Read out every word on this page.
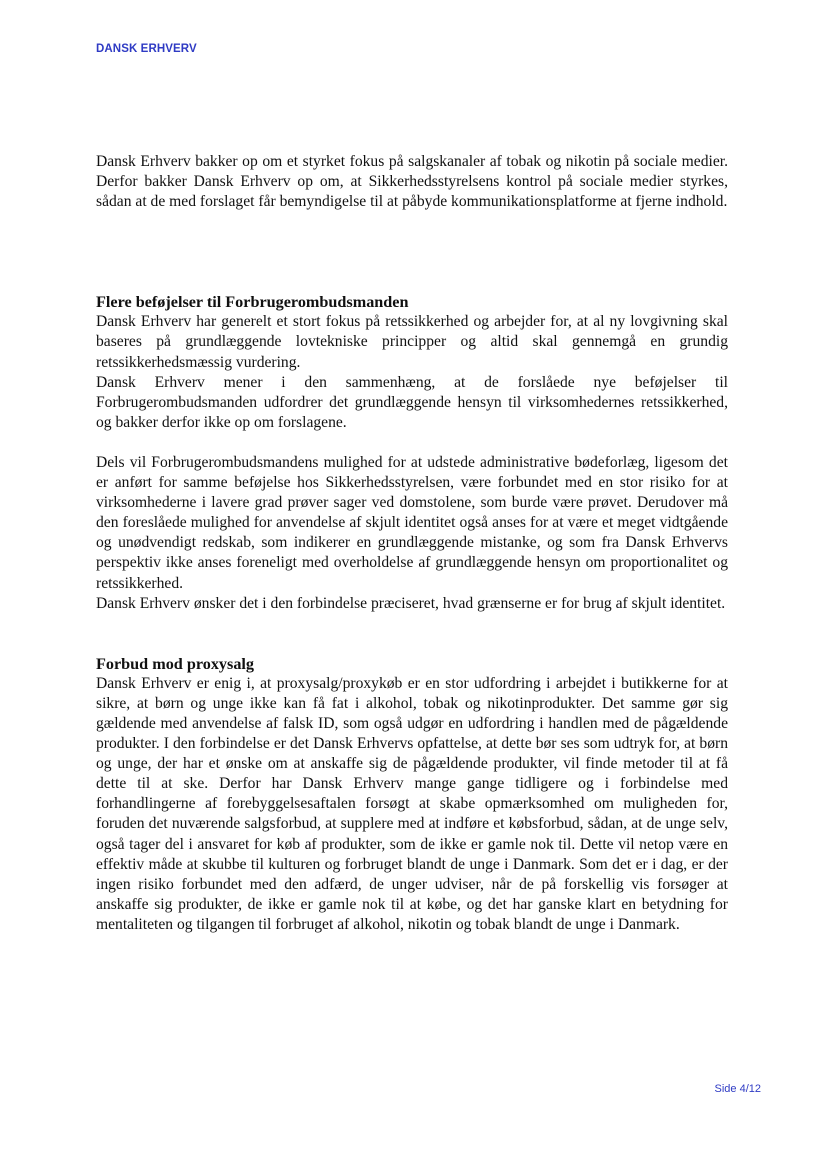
DANSK ERHVERV

Dansk Erhverv bakker op om et styrket fokus på salgskanaler af tobak og nikotin på sociale medier. Derfor bakker Dansk Erhverv op om, at Sikkerhedsstyrelsens kontrol på sociale medier styrkes, sådan at de med forslaget får bemyndigelse til at påbyde kommunikationsplatforme at fjerne indhold.

Flere beføjelser til Forbrugerombudsmanden

Dansk Erhverv har generelt et stort fokus på retssikkerhed og arbejder for, at al ny lovgivning skal baseres på grundlæggende lovtekniske principper og altid skal gennemgå en grundig retssikkerhedsmæssig vurdering.

Dansk Erhverv mener i den sammenhæng, at de forslåede nye beføjelser til Forbrugerombudsmanden udfordrer det grundlæggende hensyn til virksomhedernes retssikkerhed, og bakker derfor ikke op om forslagene.

Dels vil Forbrugerombudsmandens mulighed for at udstede administrative bødeforlæg, ligesom det er anført for samme beføjelse hos Sikkerhedsstyrelsen, være forbundet med en stor risiko for at virksomhederne i lavere grad prøver sager ved domstolene, som burde være prøvet. Derudover må den foreslåede mulighed for anvendelse af skjult identitet også anses for at være et meget vidtgående og unødvendigt redskab, som indikerer en grundlæggende mistanke, og som fra Dansk Erhvervs perspektiv ikke anses foreneligt med overholdelse af grundlæggende hensyn om proportionalitet og retssikkerhed.

Dansk Erhverv ønsker det i den forbindelse præciseret, hvad grænserne er for brug af skjult identitet.

Forbud mod proxysalg

Dansk Erhverv er enig i, at proxysalg/proxykøb er en stor udfordring i arbejdet i butikkerne for at sikre, at børn og unge ikke kan få fat i alkohol, tobak og nikotinprodukter. Det samme gør sig gældende med anvendelse af falsk ID, som også udgør en udfordring i handlen med de pågældende produkter. I den forbindelse er det Dansk Erhvervs opfattelse, at dette bør ses som udtryk for, at børn og unge, der har et ønske om at anskaffe sig de pågældende produkter, vil finde metoder til at få dette til at ske. Derfor har Dansk Erhverv mange gange tidligere og i forbindelse med forhandlingerne af forebyggelsesaftalen forsøgt at skabe opmærksomhed om muligheden for, foruden det nuværende salgsforbud, at supplere med at indføre et købsforbud, sådan, at de unge selv, også tager del i ansvaret for køb af produkter, som de ikke er gamle nok til. Dette vil netop være en effektiv måde at skubbe til kulturen og forbruget blandt de unge i Danmark. Som det er i dag, er der ingen risiko forbundet med den adfærd, de unger udviser, når de på forskellig vis forsøger at anskaffe sig produkter, de ikke er gamle nok til at købe, og det har ganske klart en betydning for mentaliteten og tilgangen til forbruget af alkohol, nikotin og tobak blandt de unge i Danmark.

Side 4/12
